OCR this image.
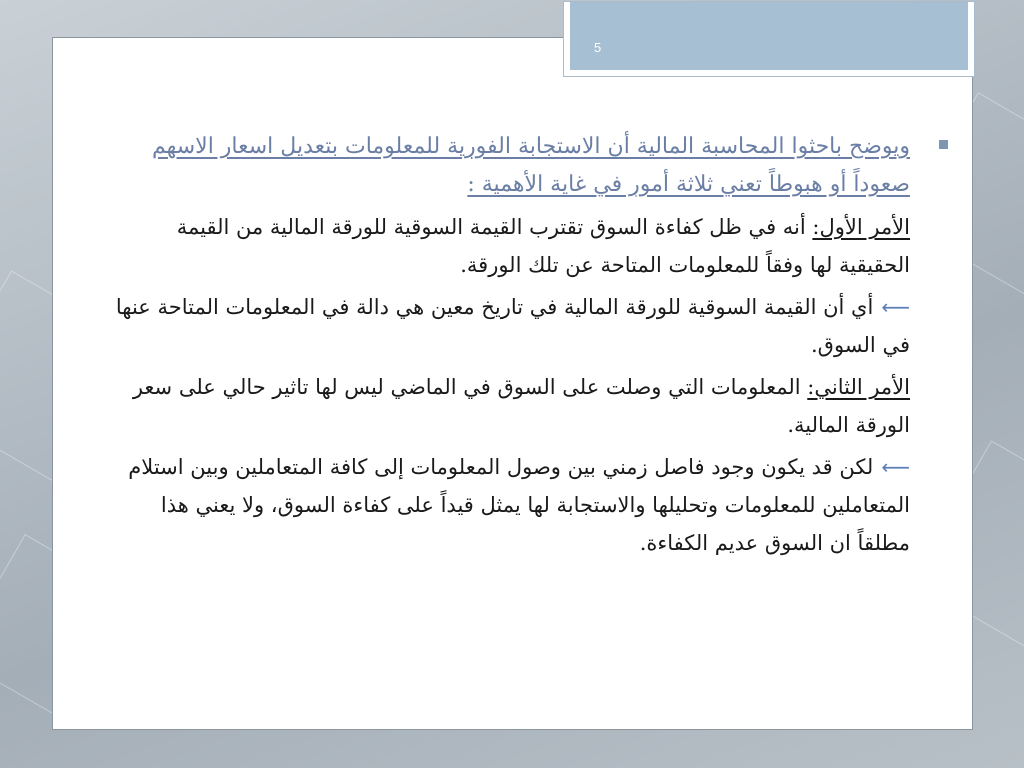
5
ويوضح باحثوا المحاسبة المالية أن الاستجابة الفورية للمعلومات بتعديل اسعار الاسهم صعوداً أو هبوطاً تعني ثلاثة أمور في غاية الأهمية :

الأمر الأول: أنه في ظل كفاءة السوق تقترب القيمة السوقية للورقة المالية من القيمة الحقيقية لها وفقاً للمعلومات المتاحة عن تلك الورقة.

⟵أي أن القيمة السوقية للورقة المالية في تاريخ معين هي دالة في المعلومات المتاحة عنها في السوق.

الأمر الثاني: المعلومات التي وصلت على السوق في الماضي ليس لها تاثير حالي على سعر الورقة المالية.

⟵لكن قد يكون وجود فاصل زمني بين وصول المعلومات إلى كافة المتعاملين وبين استلام المتعاملين للمعلومات وتحليلها والاستجابة لها يمثل قيداً على كفاءة السوق، ولا يعني هذا مطلقاً ان السوق عديم الكفاءة.
